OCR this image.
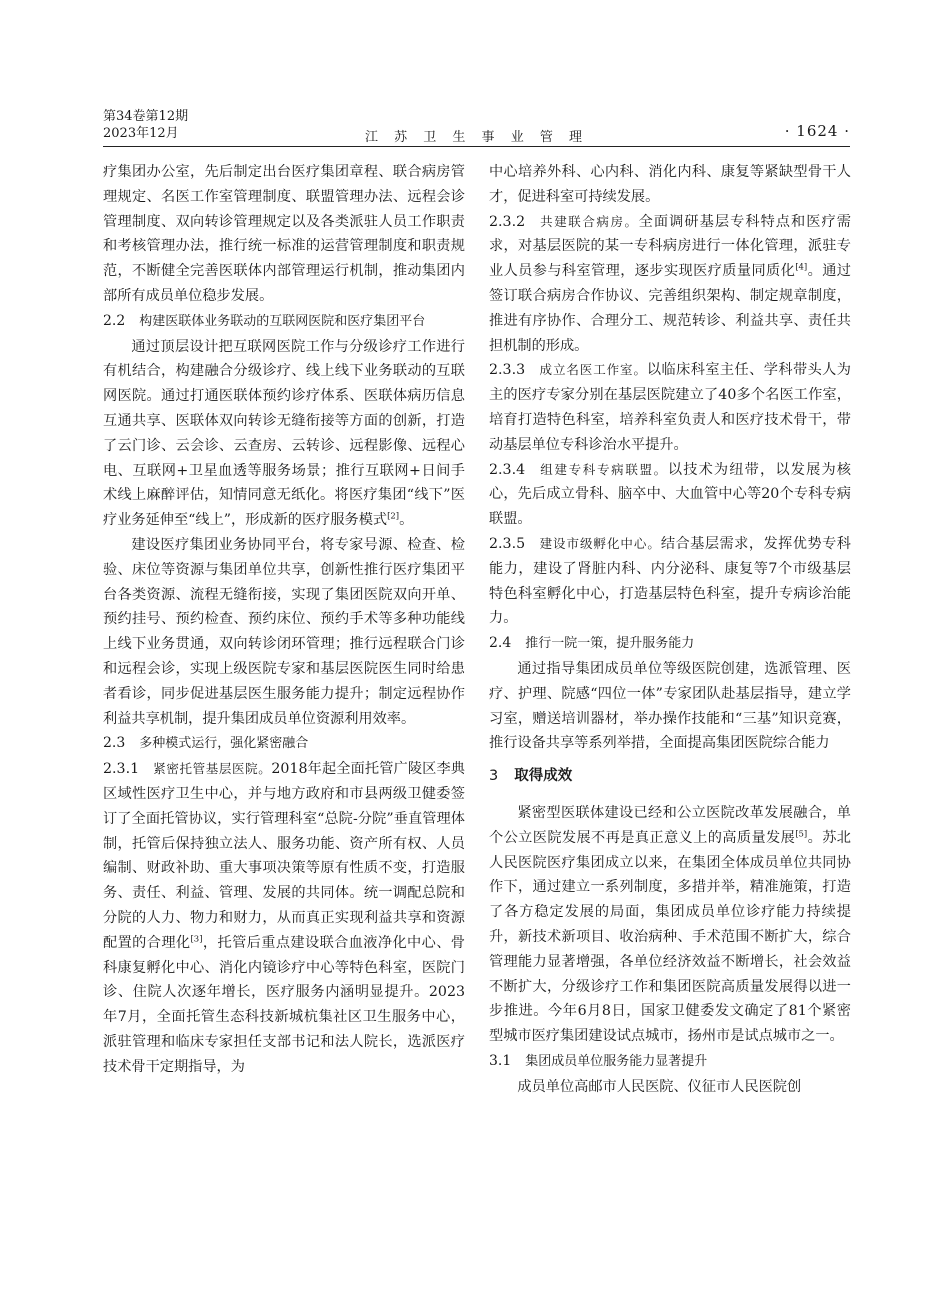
第34卷第12期
2023年12月	江 苏 卫 生 事 业 管 理	· 1624 ·

疗集团办公室，先后制定出台医疗集团章程、联合病房管理规定、名医工作室管理制度、联盟管理办法、远程会诊管理制度、双向转诊管理规定以及各类派驻人员工作职责和考核管理办法，推行统一标准的运营管理制度和职责规范，不断健全完善医联体内部管理运行机制，推动集团内部所有成员单位稳步发展。

2.2 构建医联体业务联动的互联网医院和医疗集团平台

通过顶层设计把互联网医院工作与分级诊疗工作进行有机结合，构建融合分级诊疗、线上线下业务联动的互联网医院。通过打通医联体预约诊疗体系、医联体病历信息互通共享、医联体双向转诊无缝衔接等方面的创新，打造了云门诊、云会诊、云查房、云转诊、远程影像、远程心电、互联网+卫星血透等服务场景；推行互联网+日间手术线上麻醉评估，知情同意无纸化。将医疗集团“线下”医疗业务延伸至“线上”，形成新的医疗服务模式[2]。

建设医疗集团业务协同平台，将专家号源、检查、检验、床位等资源与集团单位共享，创新性推行医疗集团平台各类资源、流程无缝衔接，实现了集团医院双向开单、预约挂号、预约检查、预约床位、预约手术等多种功能线上线下业务贯通，双向转诊闭环管理；推行远程联合门诊和远程会诊，实现上级医院专家和基层医院医生同时给患者看诊，同步促进基层医生服务能力提升；制定远程协作利益共享机制，提升集团成员单位资源利用效率。

2.3 多种模式运行，强化紧密融合

2.3.1 紧密托管基层医院。2018年起全面托管广陵区李典区域性医疗卫生中心，并与地方政府和市县两级卫健委签订了全面托管协议，实行管理科室“总院-分院”垂直管理体制，托管后保持独立法人、服务功能、资产所有权、人员编制、财政补助、重大事项决策等原有性质不变，打造服务、责任、利益、管理、发展的共同体。统一调配总院和分院的人力、物力和财力，从而真正实现利益共享和资源配置的合理化[3]，托管后重点建设联合血液净化中心、骨科康复孵化中心、消化内镜诊疗中心等特色科室，医院门诊、住院人次逐年增长，医疗服务内涵明显提升。2023年7月，全面托管生态科技新城杭集社区卫生服务中心，派驻管理和临床专家担任支部书记和法人院长，选派医疗技术骨干定期指导，为

中心培养外科、心内科、消化内科、康复等紧缺型骨干人才，促进科室可持续发展。

2.3.2 共建联合病房。全面调研基层专科特点和医疗需求，对基层医院的某一专科病房进行一体化管理，派驻专业人员参与科室管理，逐步实现医疗质量同质化[4]。通过签订联合病房合作协议、完善组织架构、制定规章制度，推进有序协作、合理分工、规范转诊、利益共享、责任共担机制的形成。

2.3.3 成立名医工作室。以临床科室主任、学科带头人为主的医疗专家分别在基层医院建立了40多个名医工作室，培育打造特色科室，培养科室负责人和医疗技术骨干，带动基层单位专科诊治水平提升。

2.3.4 组建专科专病联盟。以技术为纽带，以发展为核心，先后成立骨科、脑卒中、大血管中心等20个专科专病联盟。

2.3.5 建设市级孵化中心。结合基层需求，发挥优势专科能力，建设了肾脏内科、内分泌科、康复等7个市级基层特色科室孵化中心，打造基层特色科室，提升专病诊治能力。

2.4 推行一院一策，提升服务能力

通过指导集团成员单位等级医院创建，选派管理、医疗、护理、院感“四位一体”专家团队赴基层指导，建立学习室，赠送培训器材，举办操作技能和“三基”知识竞赛，推行设备共享等系列举措，全面提高集团医院综合能力

3 取得成效

紧密型医联体建设已经和公立医院改革发展融合，单个公立医院发展不再是真正意义上的高质量发展[5]。苏北人民医院医疗集团成立以来，在集团全体成员单位共同协作下，通过建立一系列制度，多措并举，精准施策，打造了各方稳定发展的局面，集团成员单位诊疗能力持续提升，新技术新项目、收治病种、手术范围不断扩大，综合管理能力显著增强，各单位经济效益不断增长，社会效益不断扩大，分级诊疗工作和集团医院高质量发展得以进一步推进。今年6月8日，国家卫健委发文确定了81个紧密型城市医疗集团建设试点城市，扬州市是试点城市之一。

3.1 集团成员单位服务能力显著提升

成员单位高邮市人民医院、仪征市人民医院创
